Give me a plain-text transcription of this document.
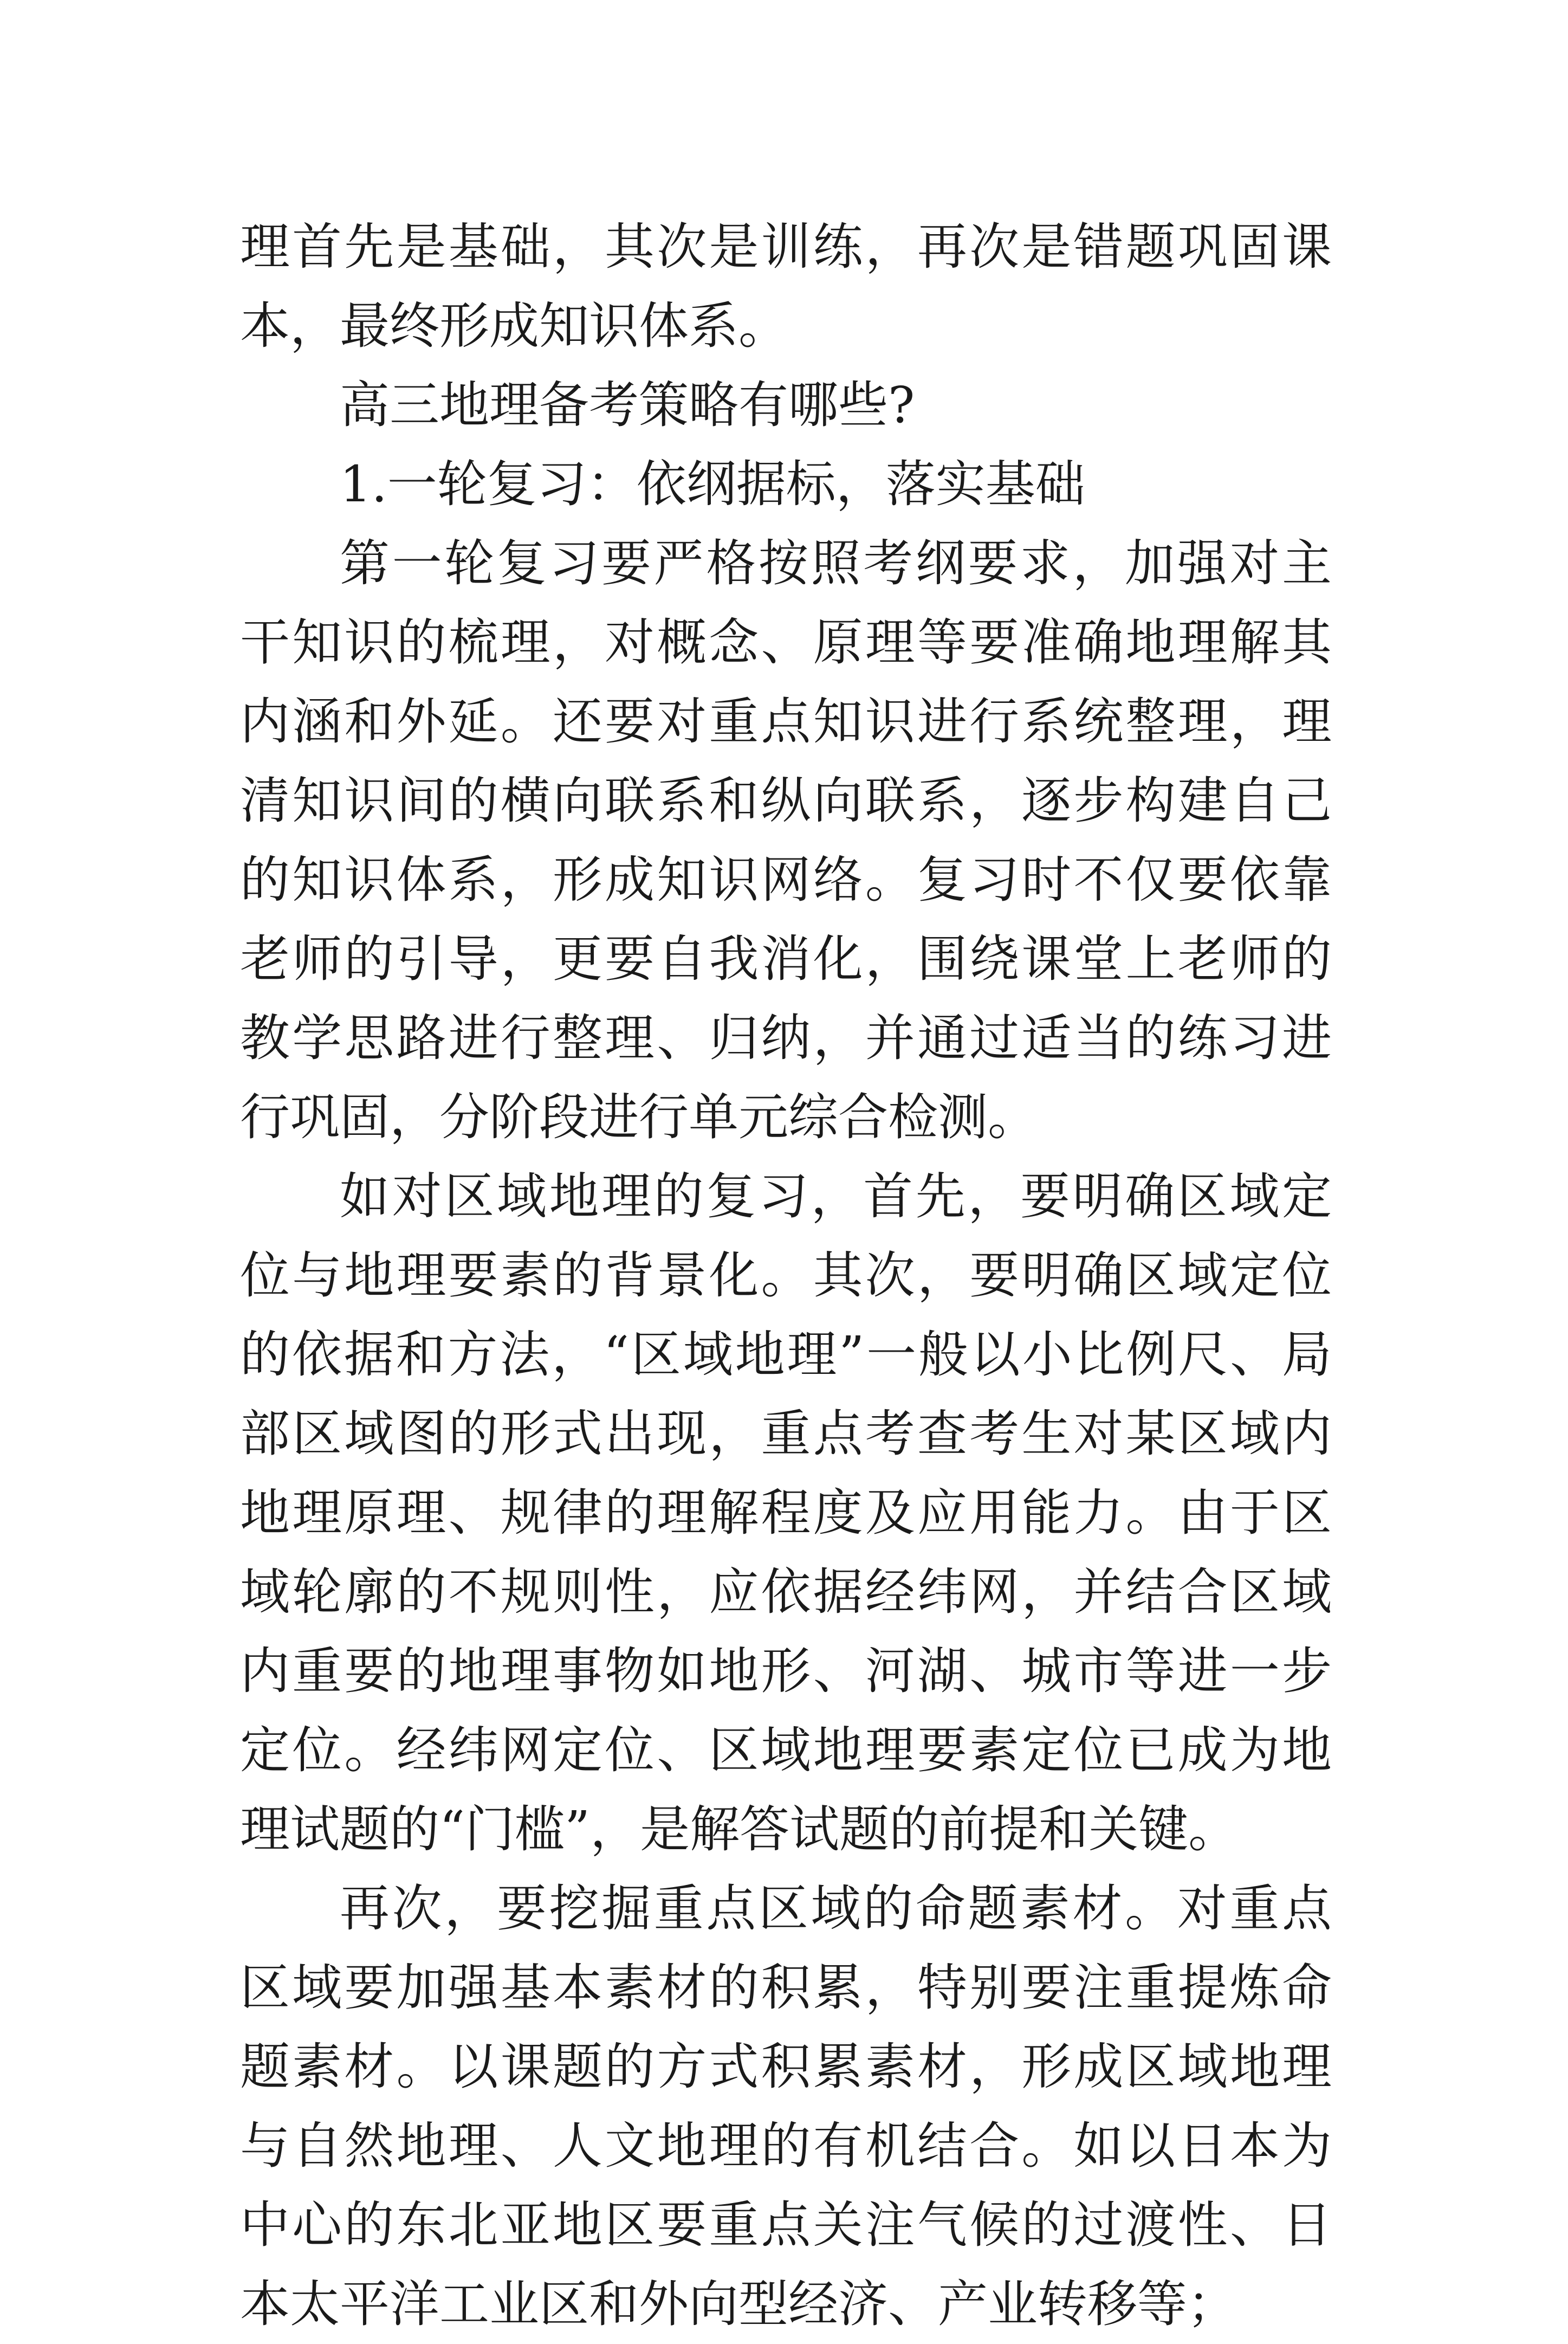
理首先是基础，其次是训练，再次是错题巩固课本，最终形成知识体系。

高三地理备考策略有哪些?

1.一轮复习：依纲据标，落实基础

第一轮复习要严格按照考纲要求，加强对主干知识的梳理，对概念、原理等要准确地理解其内涵和外延。还要对重点知识进行系统整理，理清知识间的横向联系和纵向联系，逐步构建自己的知识体系，形成知识网络。复习时不仅要依靠老师的引导，更要自我消化，围绕课堂上老师的教学思路进行整理、归纳，并通过适当的练习进行巩固，分阶段进行单元综合检测。

如对区域地理的复习，首先，要明确区域定位与地理要素的背景化。其次，要明确区域定位的依据和方法，“区域地理”一般以小比例尺、局部区域图的形式出现，重点考查考生对某区域内地理原理、规律的理解程度及应用能力。由于区域轮廓的不规则性，应依据经纬网，并结合区域内重要的地理事物如地形、河湖、城市等进一步定位。经纬网定位、区域地理要素定位已成为地理试题的“门槛”，是解答试题的前提和关键。

再次，要挖掘重点区域的命题素材。对重点区域要加强基本素材的积累，特别要注重提炼命题素材。以课题的方式积累素材，形成区域地理与自然地理、人文地理的有机结合。如以日本为中心的东北亚地区要重点关注气候的过渡性、日本太平洋工业区和外向型经济、产业转移等；
